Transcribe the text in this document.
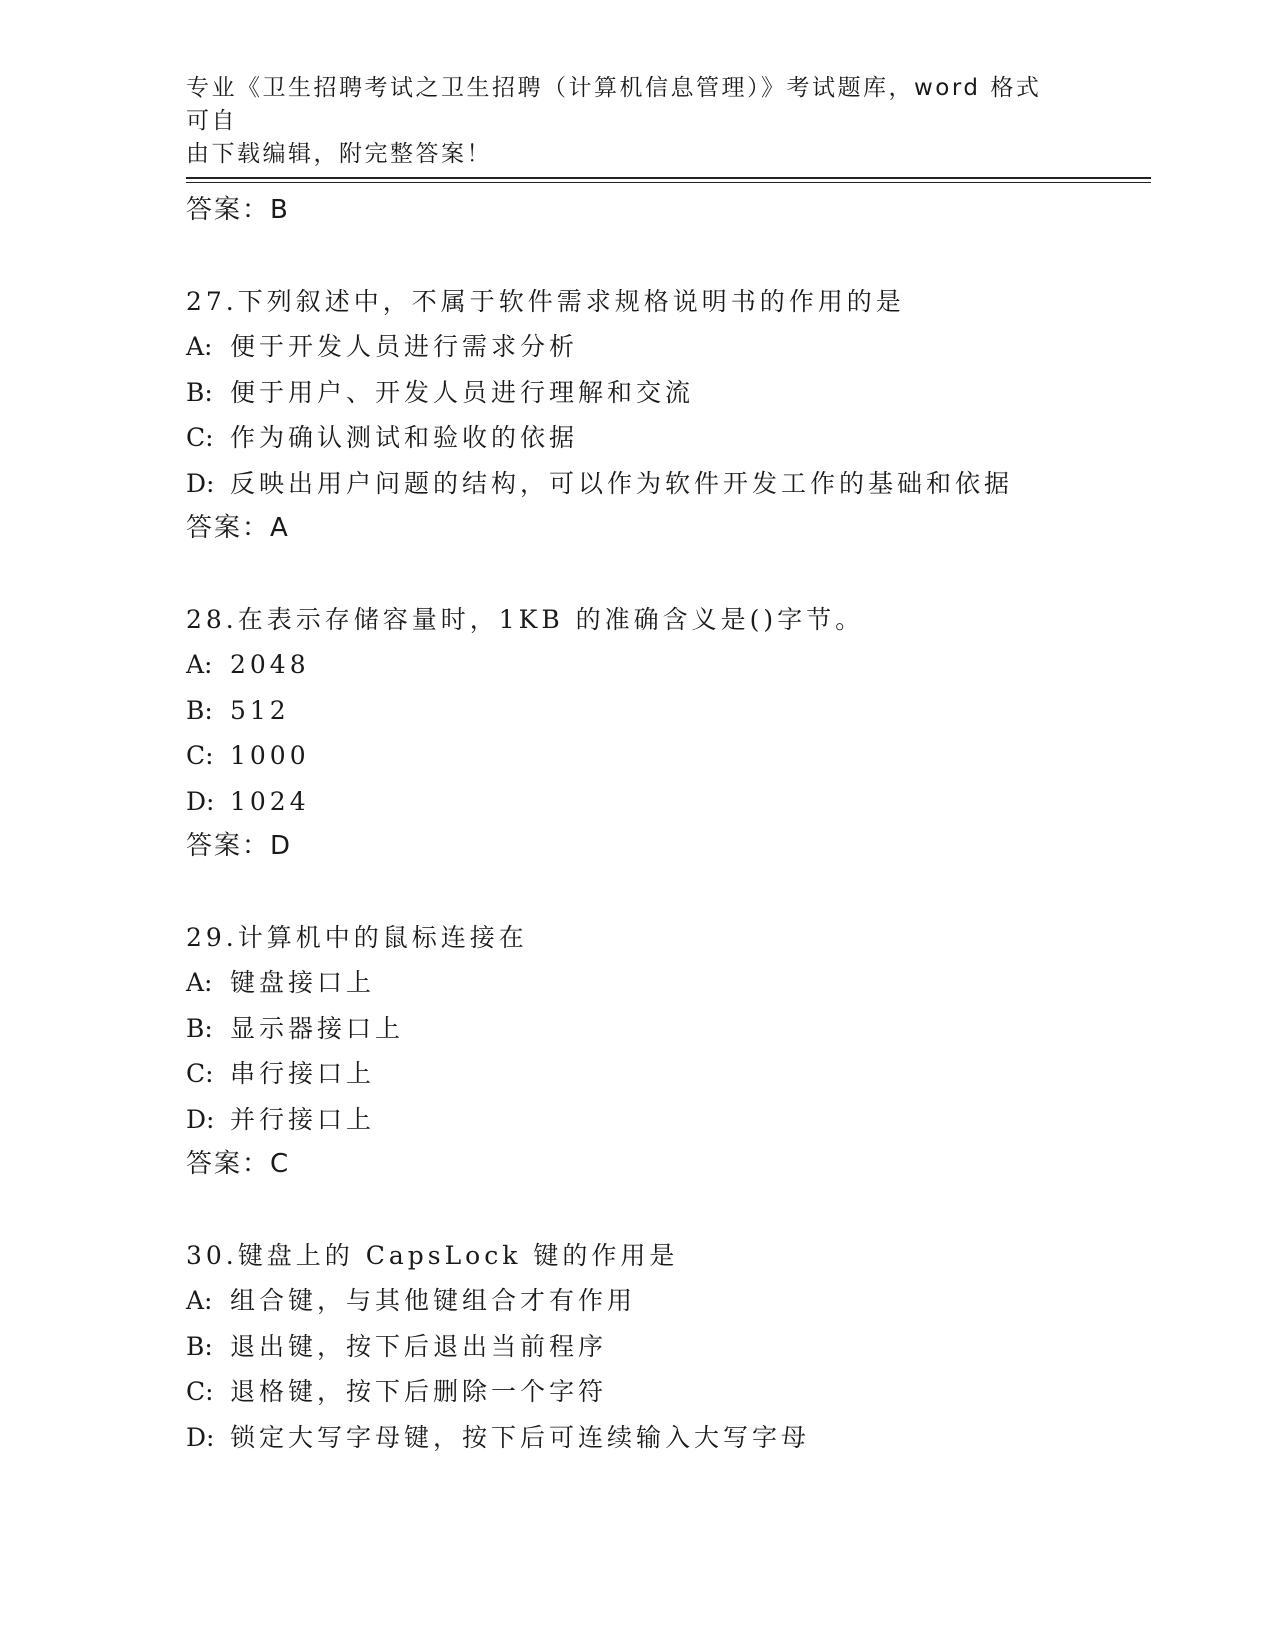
专业《卫生招聘考试之卫生招聘（计算机信息管理）》考试题库，word 格式可自
由下载编辑，附完整答案！
答案：B
27.下列叙述中，不属于软件需求规格说明书的作用的是
A: 便于开发人员进行需求分析
B: 便于用户、开发人员进行理解和交流
C: 作为确认测试和验收的依据
D: 反映出用户问题的结构，可以作为软件开发工作的基础和依据
答案：A
28.在表示存储容量时，1KB 的准确含义是()字节。
A: 2048
B: 512
C: 1000
D: 1024
答案：D
29.计算机中的鼠标连接在
A: 键盘接口上
B: 显示器接口上
C: 串行接口上
D: 并行接口上
答案：C
30.键盘上的 CapsLock 键的作用是
A: 组合键，与其他键组合才有作用
B: 退出键，按下后退出当前程序
C: 退格键，按下后删除一个字符
D: 锁定大写字母键，按下后可连续输入大写字母
